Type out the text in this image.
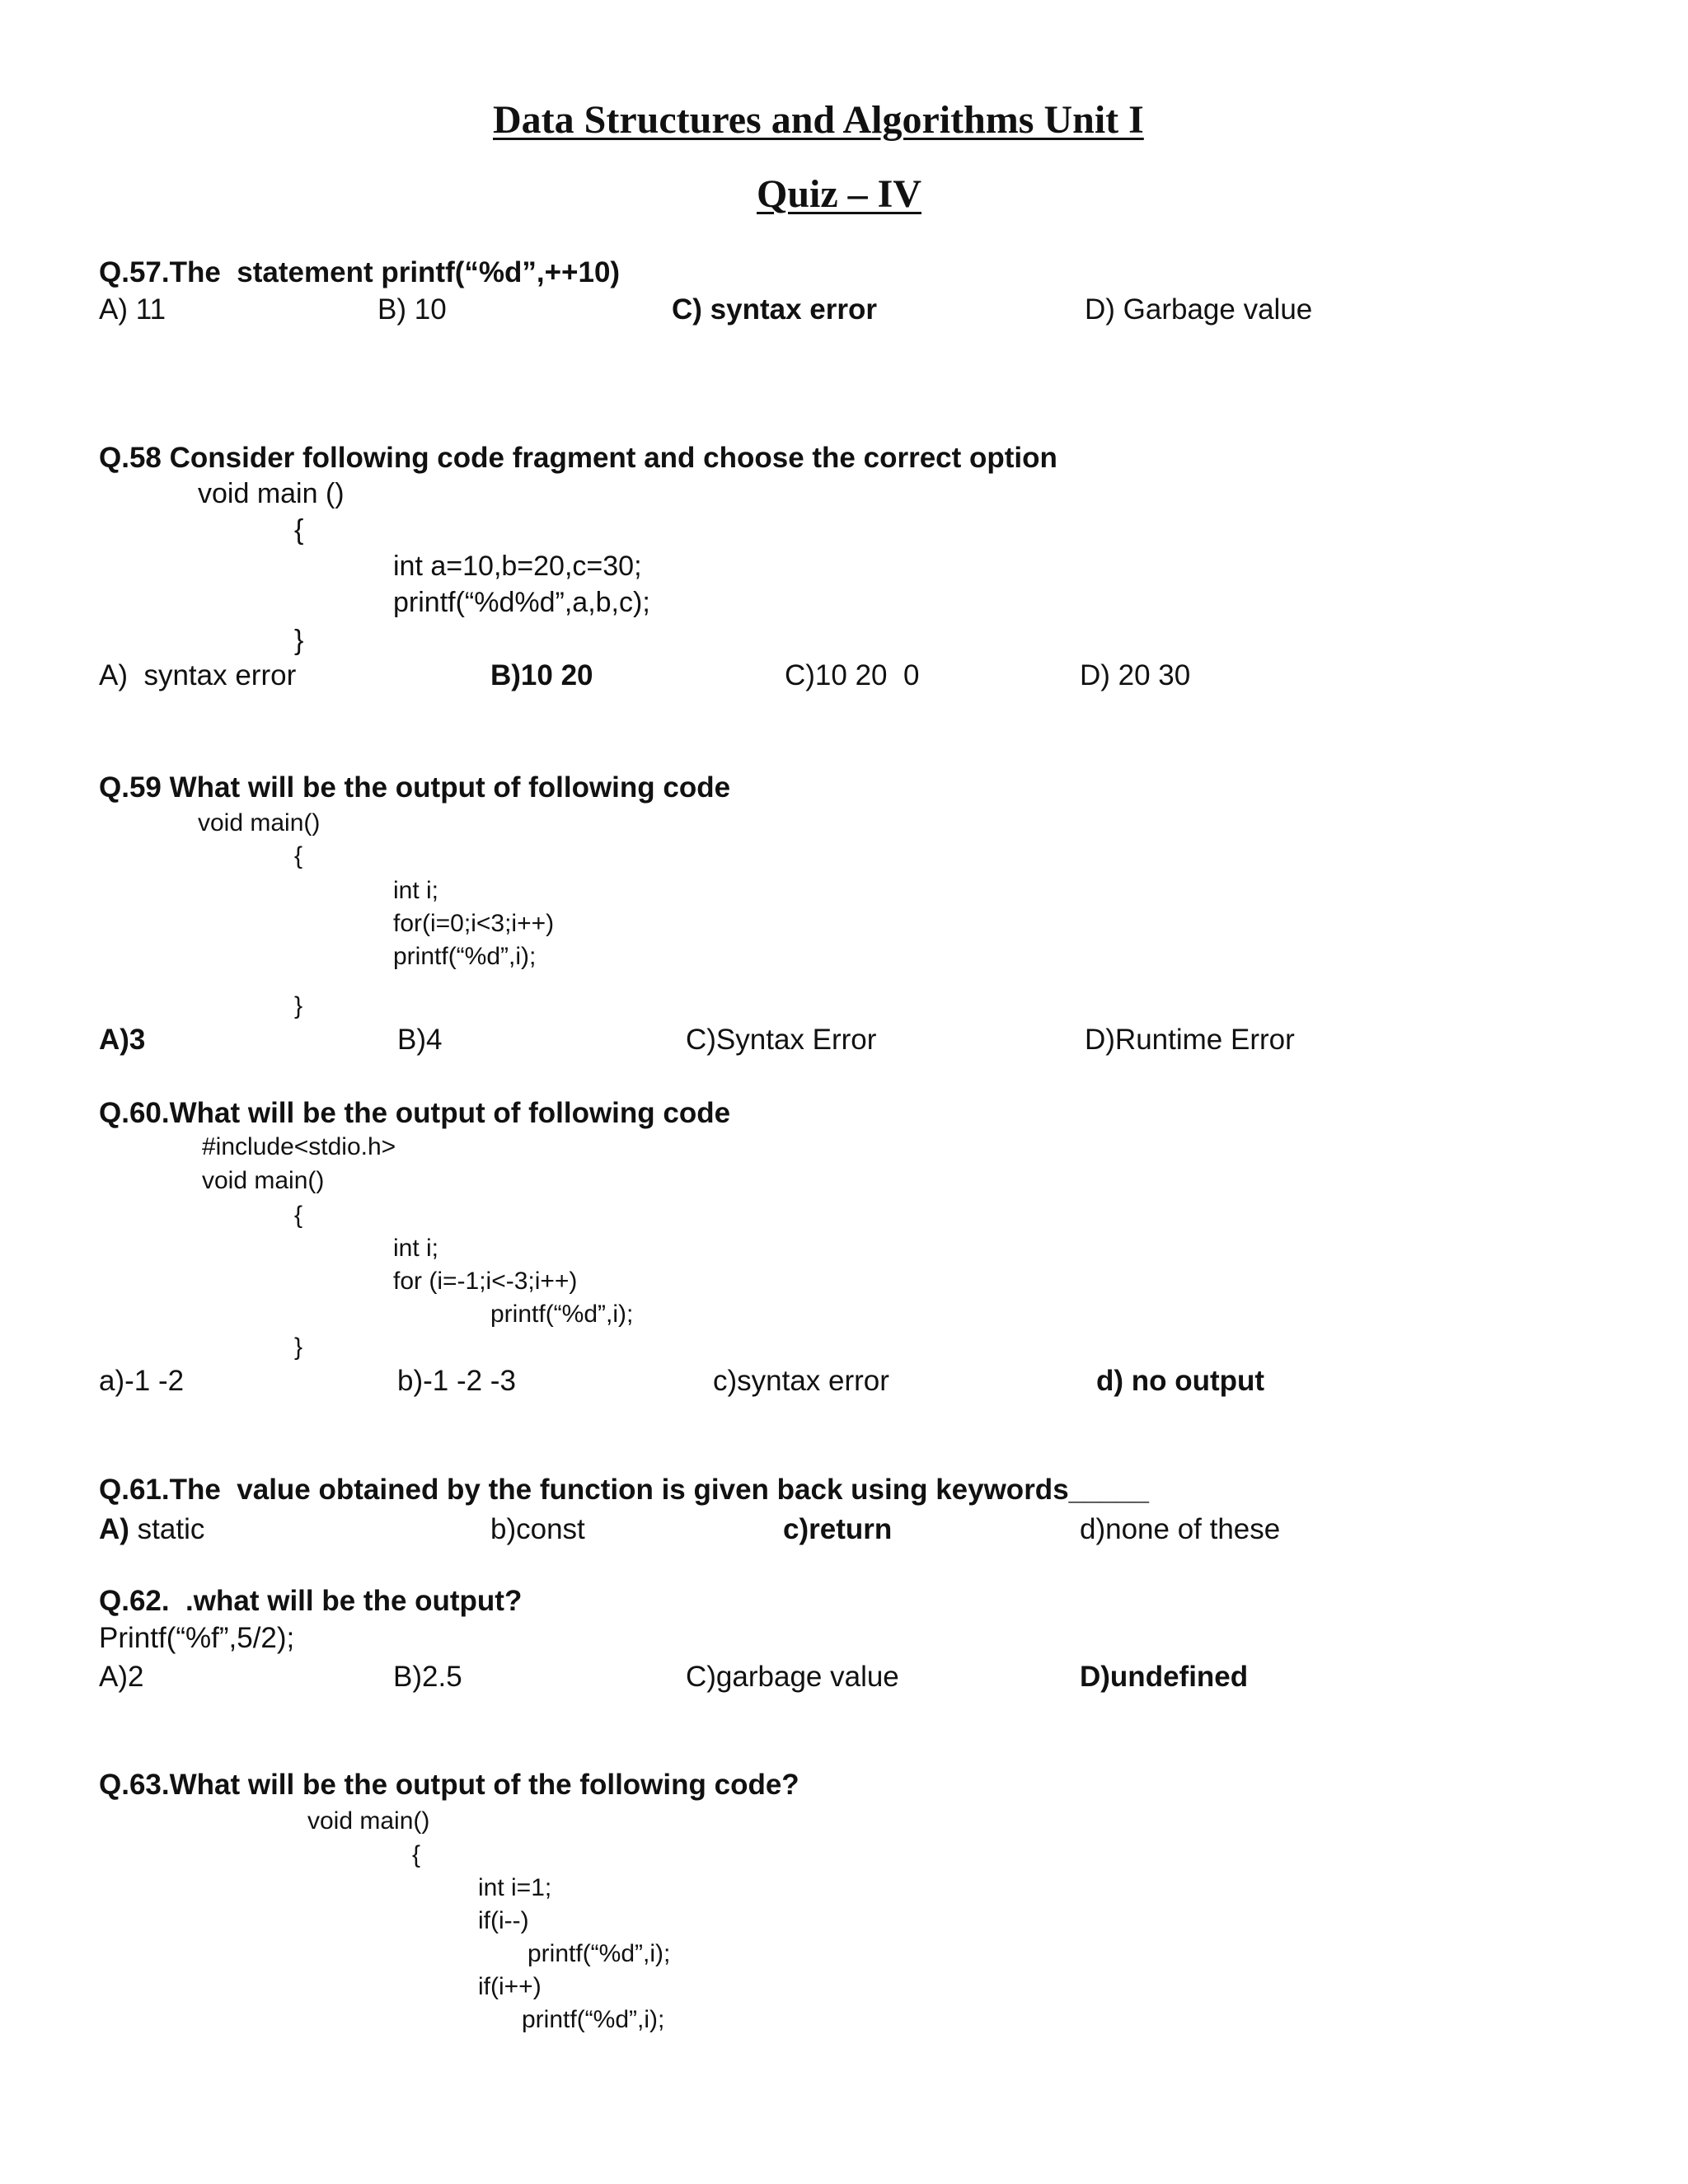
Data Structures and Algorithms Unit I
Quiz – IV
Q.57.The  statement printf(“%d”,++10)
A) 11	B) 10	C) syntax error	D) Garbage value
Q.58 Consider following code fragment and choose the correct option
void main ()
{
int a=10,b=20,c=30;
printf(“%d%d”,a,b,c);
}
A)  syntax error	B)10 20	C)10 20  0	D) 20 30
Q.59 What will be the output of following code
void main()
{
int i;
for(i=0;i<3;i++)
printf(“%d”,i);
}
A)3	B)4	C)Syntax Error	D)Runtime Error
Q.60.What will be the output of following code
#include<stdio.h>
void main()
{
int i;
for (i=-1;i<-3;i++)
printf(“%d”,i);
}
a)-1 -2	b)-1 -2 -3	c)syntax error	d) no output
Q.61.The  value obtained by the function is given back using keywords_____
A) static	b)const	c)return	d)none of these
Q.62.  .what will be the output?
Printf(“%f”,5/2);
A)2	B)2.5	C)garbage value	D)undefined
Q.63.What will be the output of the following code?
void main()
{
int i=1;
if(i--)
printf(“%d”,i);
if(i++)
printf(“%d”,i);
